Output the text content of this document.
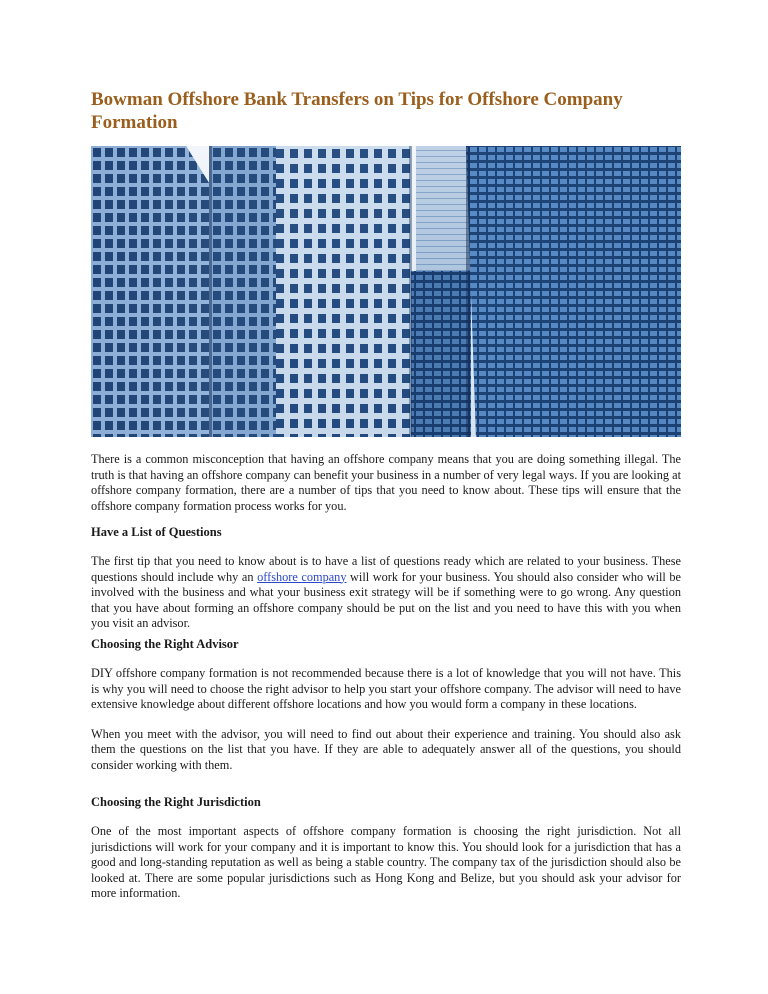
Bowman Offshore Bank Transfers on Tips for Offshore Company Formation

There is a common misconception that having an offshore company means that you are doing something illegal. The truth is that having an offshore company can benefit your business in a number of very legal ways. If you are looking at offshore company formation, there are a number of tips that you need to know about. These tips will ensure that the offshore company formation process works for you.

Have a List of Questions

The first tip that you need to know about is to have a list of questions ready which are related to your business. These questions should include why an offshore company will work for your business. You should also consider who will be involved with the business and what your business exit strategy will be if something were to go wrong. Any question that you have about forming an offshore company should be put on the list and you need to have this with you when you visit an advisor.

Choosing the Right Advisor

DIY offshore company formation is not recommended because there is a lot of knowledge that you will not have. This is why you will need to choose the right advisor to help you start your offshore company. The advisor will need to have extensive knowledge about different offshore locations and how you would form a company in these locations.

When you meet with the advisor, you will need to find out about their experience and training. You should also ask them the questions on the list that you have. If they are able to adequately answer all of the questions, you should consider working with them.

Choosing the Right Jurisdiction

One of the most important aspects of offshore company formation is choosing the right jurisdiction. Not all jurisdictions will work for your company and it is important to know this. You should look for a jurisdiction that has a good and long-standing reputation as well as being a stable country. The company tax of the jurisdiction should also be looked at. There are some popular jurisdictions such as Hong Kong and Belize, but you should ask your advisor for more information.
